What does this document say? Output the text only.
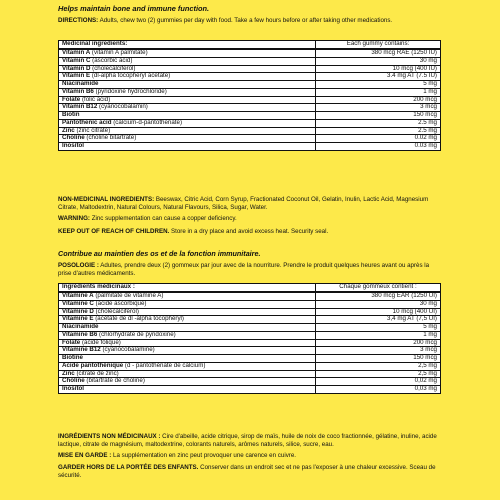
Helps maintain bone and immune function.

DIRECTIONS: Adults, chew two (2) gummies per day with food. Take a few hours before or after taking other medications.

Medicinal ingredients:	Each gummy contains:
Vitamin A (vitamin A palmitate)	380 mcg RAE (1250 IU)
Vitamin C (ascorbic acid)	30 mg
Vitamin D (cholecalciferol)	10 mcg (400 IU)
Vitamin E (dl-alpha tocopheryl acetate)	3.4 mg AT (7.5 IU)
Niacinamide	5 mg
Vitamin B6 (pyridoxine hydrochloride)	1 mg
Folate (folic acid)	200 mcg
Vitamin B12 (cyanocobalamin)	3 mcg
Biotin	150 mcg
Pantothenic acid (calcium-d-pantothenate)	2.5 mg
Zinc (zinc citrate)	2.5 mg
Choline (choline bitartrate)	0.02 mg
Inositol	0.03 mg

NON-MEDICINAL INGREDIENTS: Beeswax, Citric Acid, Corn Syrup, Fractionated Coconut Oil, Gelatin, Inulin, Lactic Acid, Magnesium Citrate, Maltodextrin, Natural Colours, Natural Flavours, Silica, Sugar, Water.

WARNING: Zinc supplementation can cause a copper deficiency.

KEEP OUT OF REACH OF CHILDREN. Store in a dry place and avoid excess heat. Security seal.

Contribue au maintien des os et de la fonction immunitaire.

POSOLOGIE : Adultes, prendre deux (2) gommeux par jour avec de la nourriture. Prendre le produit quelques heures avant ou après la prise d'autres médicaments.

Ingrédients médicinaux :	Chaque gommeux contient :
Vitamine A (palmitate de vitamine A)	380 mcg EAR (1250 UI)
Vitamine C (acide ascorbique)	30 mg
Vitamine D (cholécalciférol)	10 mcg (400 UI)
Vitamine E (acétate de dl -alpha tocophéryl)	3,4 mg AT (7,5 UI)
Niacinamide	5 mg
Vitamine B6 (chlorhydrate de pyridoxine)	1 mg
Folate (acide folique)	200 mcg
Vitamine B12 (cyanocobalamine)	3 mcg
Biotine	150 mcg
Acide pantothénique (d - pantothénate de calcium)	2,5 mg
Zinc (citrate de zinc)	2,5 mg
Choline (bitartrate de choline)	0,02 mg
Inositol	0,03 mg

INGRÉDIENTS NON MÉDICINAUX : Cire d'abeille, acide citrique, sirop de maïs, huile de noix de coco fractionnée, gélatine, inuline, acide lactique, citrate de magnésium, maltodextrine, colorants naturels, arômes naturels, silice, sucre, eau.

MISE EN GARDE : La supplémentation en zinc peut provoquer une carence en cuivre.

GARDER HORS DE LA PORTÉE DES ENFANTS. Conserver dans un endroit sec et ne pas l'exposer à une chaleur excessive. Sceau de sécurité.
